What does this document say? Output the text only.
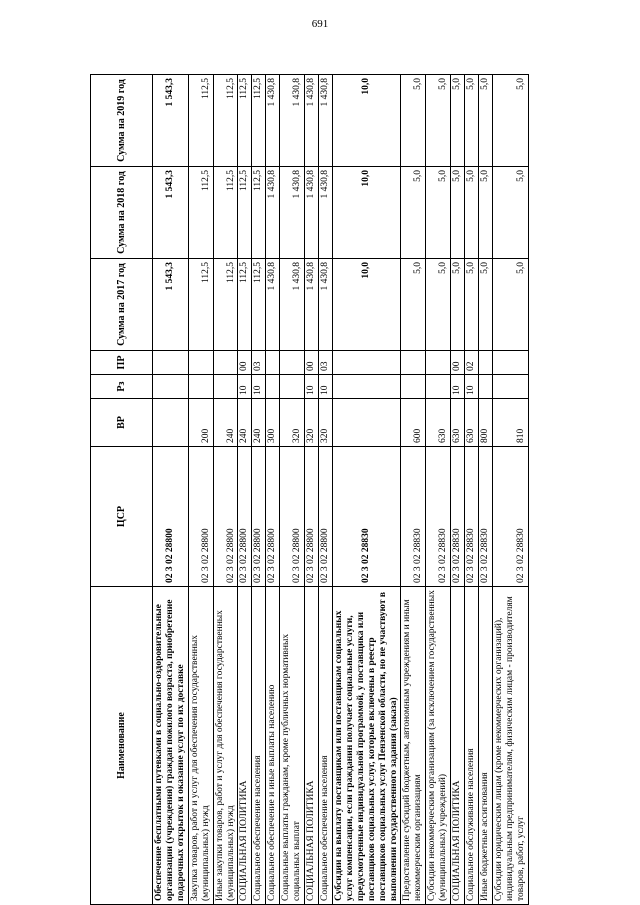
691
Наименование	ЦСР	ВР	Рз	ПР	Сумма на 2017 год	Сумма на 2018 год	Сумма на 2019 год
Обеспечение бесплатными путевками в социально-оздоровительные организации (учреждения) граждан пожилого возраста, приобретение подарочных открыток и оказание услуг по их доставке	02 3 02 28800				1 543,3	1 543,3	1 543,3
Закупка товаров, работ и услуг для обеспечения государственных (муниципальных) нужд	02 3 02 28800	200			112,5	112,5	112,5
Иные закупки товаров, работ и услуг для обеспечения государственных (муниципальных) нужд	02 3 02 28800	240			112,5	112,5	112,5
СОЦИАЛЬНАЯ ПОЛИТИКА	02 3 02 28800	240	10	00	112,5	112,5	112,5
Социальное обеспечение населения	02 3 02 28800	240	10	03	112,5	112,5	112,5
Социальное обеспечение и иные выплаты населению	02 3 02 28800	300			1 430,8	1 430,8	1 430,8
Социальные выплаты гражданам, кроме публичных нормативных социальных выплат	02 3 02 28800	320			1 430,8	1 430,8	1 430,8
СОЦИАЛЬНАЯ ПОЛИТИКА	02 3 02 28800	320	10	00	1 430,8	1 430,8	1 430,8
Социальное обеспечение населения	02 3 02 28800	320	10	03	1 430,8	1 430,8	1 430,8
Субсидии на выплату поставщикам или поставщикам социальных услуг компенсации, если гражданин получает социальные услуги, предусмотренные индивидуальной программой, у поставщика или поставщиков социальных услуг, которые включены в реестр поставщиков социальных услуг Пензенской области, но не участвуют в выполнении государственного задания (заказа)	02 3 02 28830				10,0	10,0	10,0
Предоставление субсидий бюджетным, автономным учреждениям и иным некоммерческим организациям	02 3 02 28830	600			5,0	5,0	5,0
Субсидии некоммерческим организациям (за исключением государственных (муниципальных) учреждений)	02 3 02 28830	630			5,0	5,0	5,0
СОЦИАЛЬНАЯ ПОЛИТИКА	02 3 02 28830	630	10	00	5,0	5,0	5,0
Социальное обслуживание населения	02 3 02 28830	630	10	02	5,0	5,0	5,0
Иные бюджетные ассигнования	02 3 02 28830	800			5,0	5,0	5,0
Субсидии юридическим лицам (кроме некоммерческих организаций), индивидуальным предпринимателям, физическим лицам - производителям товаров, работ, услуг	02 3 02 28830	810			5,0	5,0	5,0
